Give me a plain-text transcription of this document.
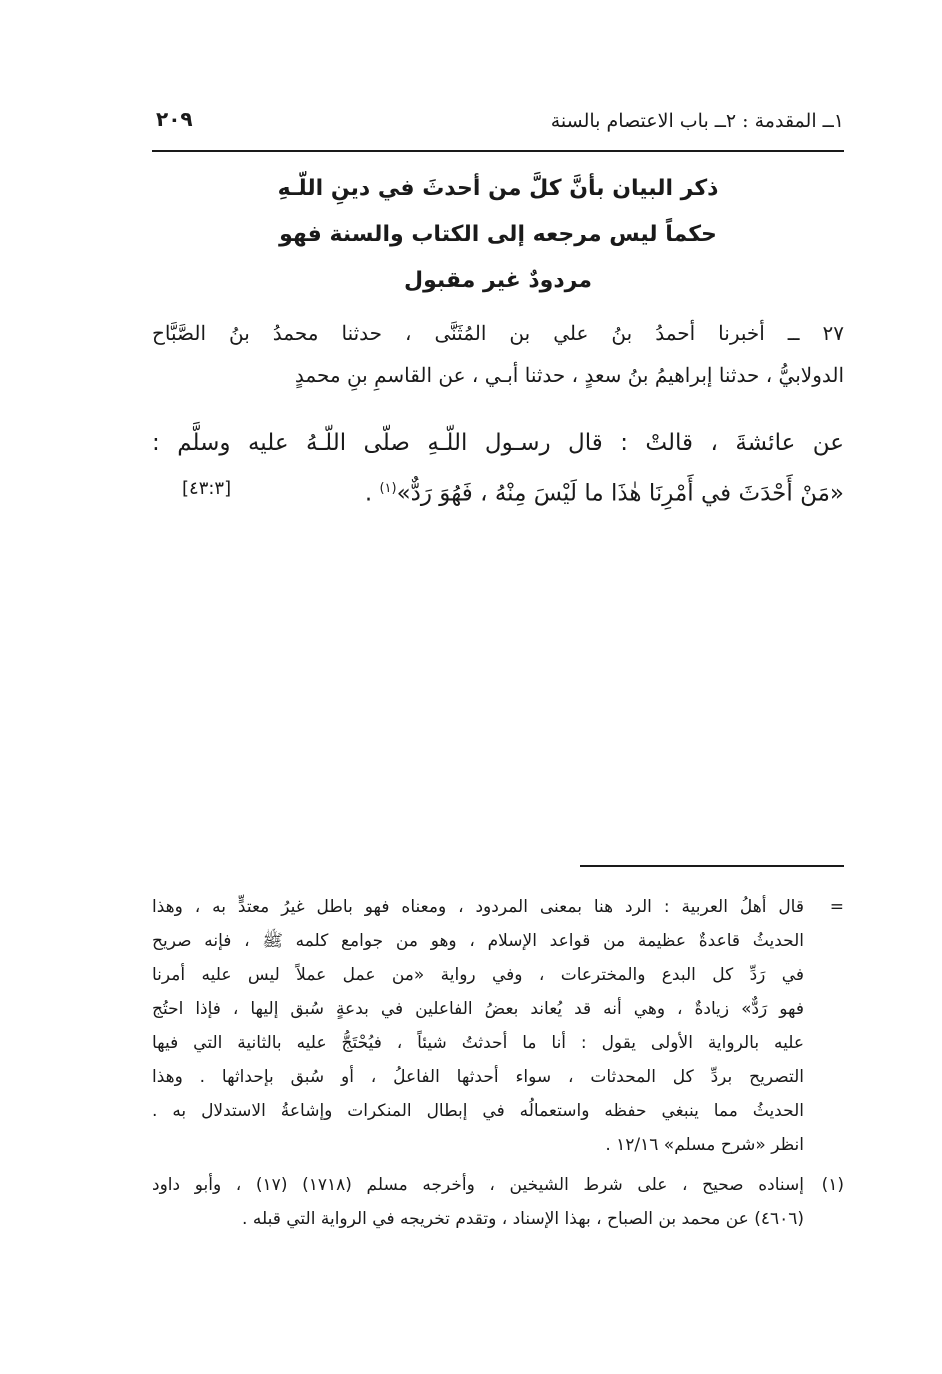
١ــ المقدمة : ٢ــ باب الاعتصام بالسنة
٢٠٩
ذكر البيان بأنَّ كلَّ من أحدثَ في دينِ اللّـهِ
حكماً ليس مرجعه إلى الكتاب والسنة فهو
مردودٌ غير مقبول
٢٧ ــ أخبرنا أحمدُ بنُ علي بن المُثَنَّى ، حدثنا محمدُ بنُ الصَّبَّاح
الدولابيُّ ، حدثنا إبراهيمُ بنُ سعدٍ ، حدثنا أبـي ، عن القاسمِ بنِ محمدٍ
عن عائشةَ ، قالتْ : قال رسـول اللّـهِ صلّى اللّـهُ عليه وسلَّم :
«مَنْ أَحْدَثَ في أَمْرِنَا هٰذَا ما لَيْسَ مِنْهُ ، فَهُوَ رَدٌّ»$^{(١)}$ .
[٤٣:٣]
=
قال أهلُ العربية : الرد هنا بمعنى المردود ، ومعناه فهو باطل غيرُ معتدٍّ به ، وهذا
الحديثُ قاعدةٌ عظيمة من قواعد الإسلام ، وهو من جوامع كلمه ﷺ ، فإنه صريح
في رَدِّ كل البدع والمخترعات ، وفي رواية «من عمل عملاً ليس عليه أمرنا
فهو رَدٌّ» زيادةٌ ، وهي أنه قد يُعاند بعضُ الفاعلين في بدعةٍ سُبق إليها ، فإذا احتُج
عليه بالرواية الأولى يقول : أنا ما أحدثتُ شيئاً ، فيُحْتَجُّ عليه بالثانية التي فيها
التصريح بردِّ كل المحدثات ، سواء أحدثها الفاعلُ ، أو سُبق بإحداثها . وهذا
الحديثُ مما ينبغي حفظه واستعمالُه في إبطال المنكرات وإشاعةُ الاستدلال به .
انظر «شرح مسلم» ١٢/١٦ .
(١)
إسناده صحيح ، على شرط الشيخين ، وأخرجه مسلم (١٧١٨) (١٧) ، وأبو داود
(٤٦٠٦) عن محمد بن الصباح ، بهذا الإسناد ، وتقدم تخريجه في الرواية التي قبله .
